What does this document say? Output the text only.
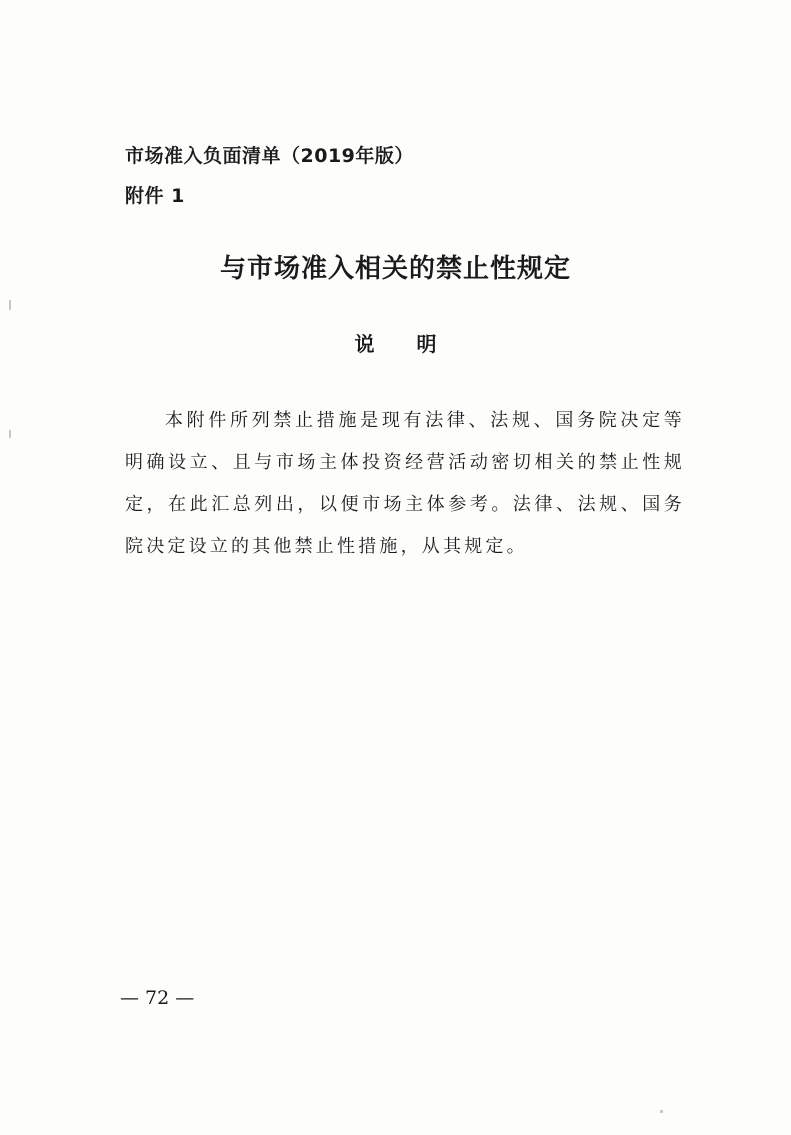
市场准入负面清单（2019年版）
附件 1
与市场准入相关的禁止性规定
说明

本附件所列禁止措施是现有法律、法规、国务院决定等明确设立、且与市场主体投资经营活动密切相关的禁止性规定，在此汇总列出，以便市场主体参考。法律、法规、国务院决定设立的其他禁止性措施，从其规定。

— 72 —
